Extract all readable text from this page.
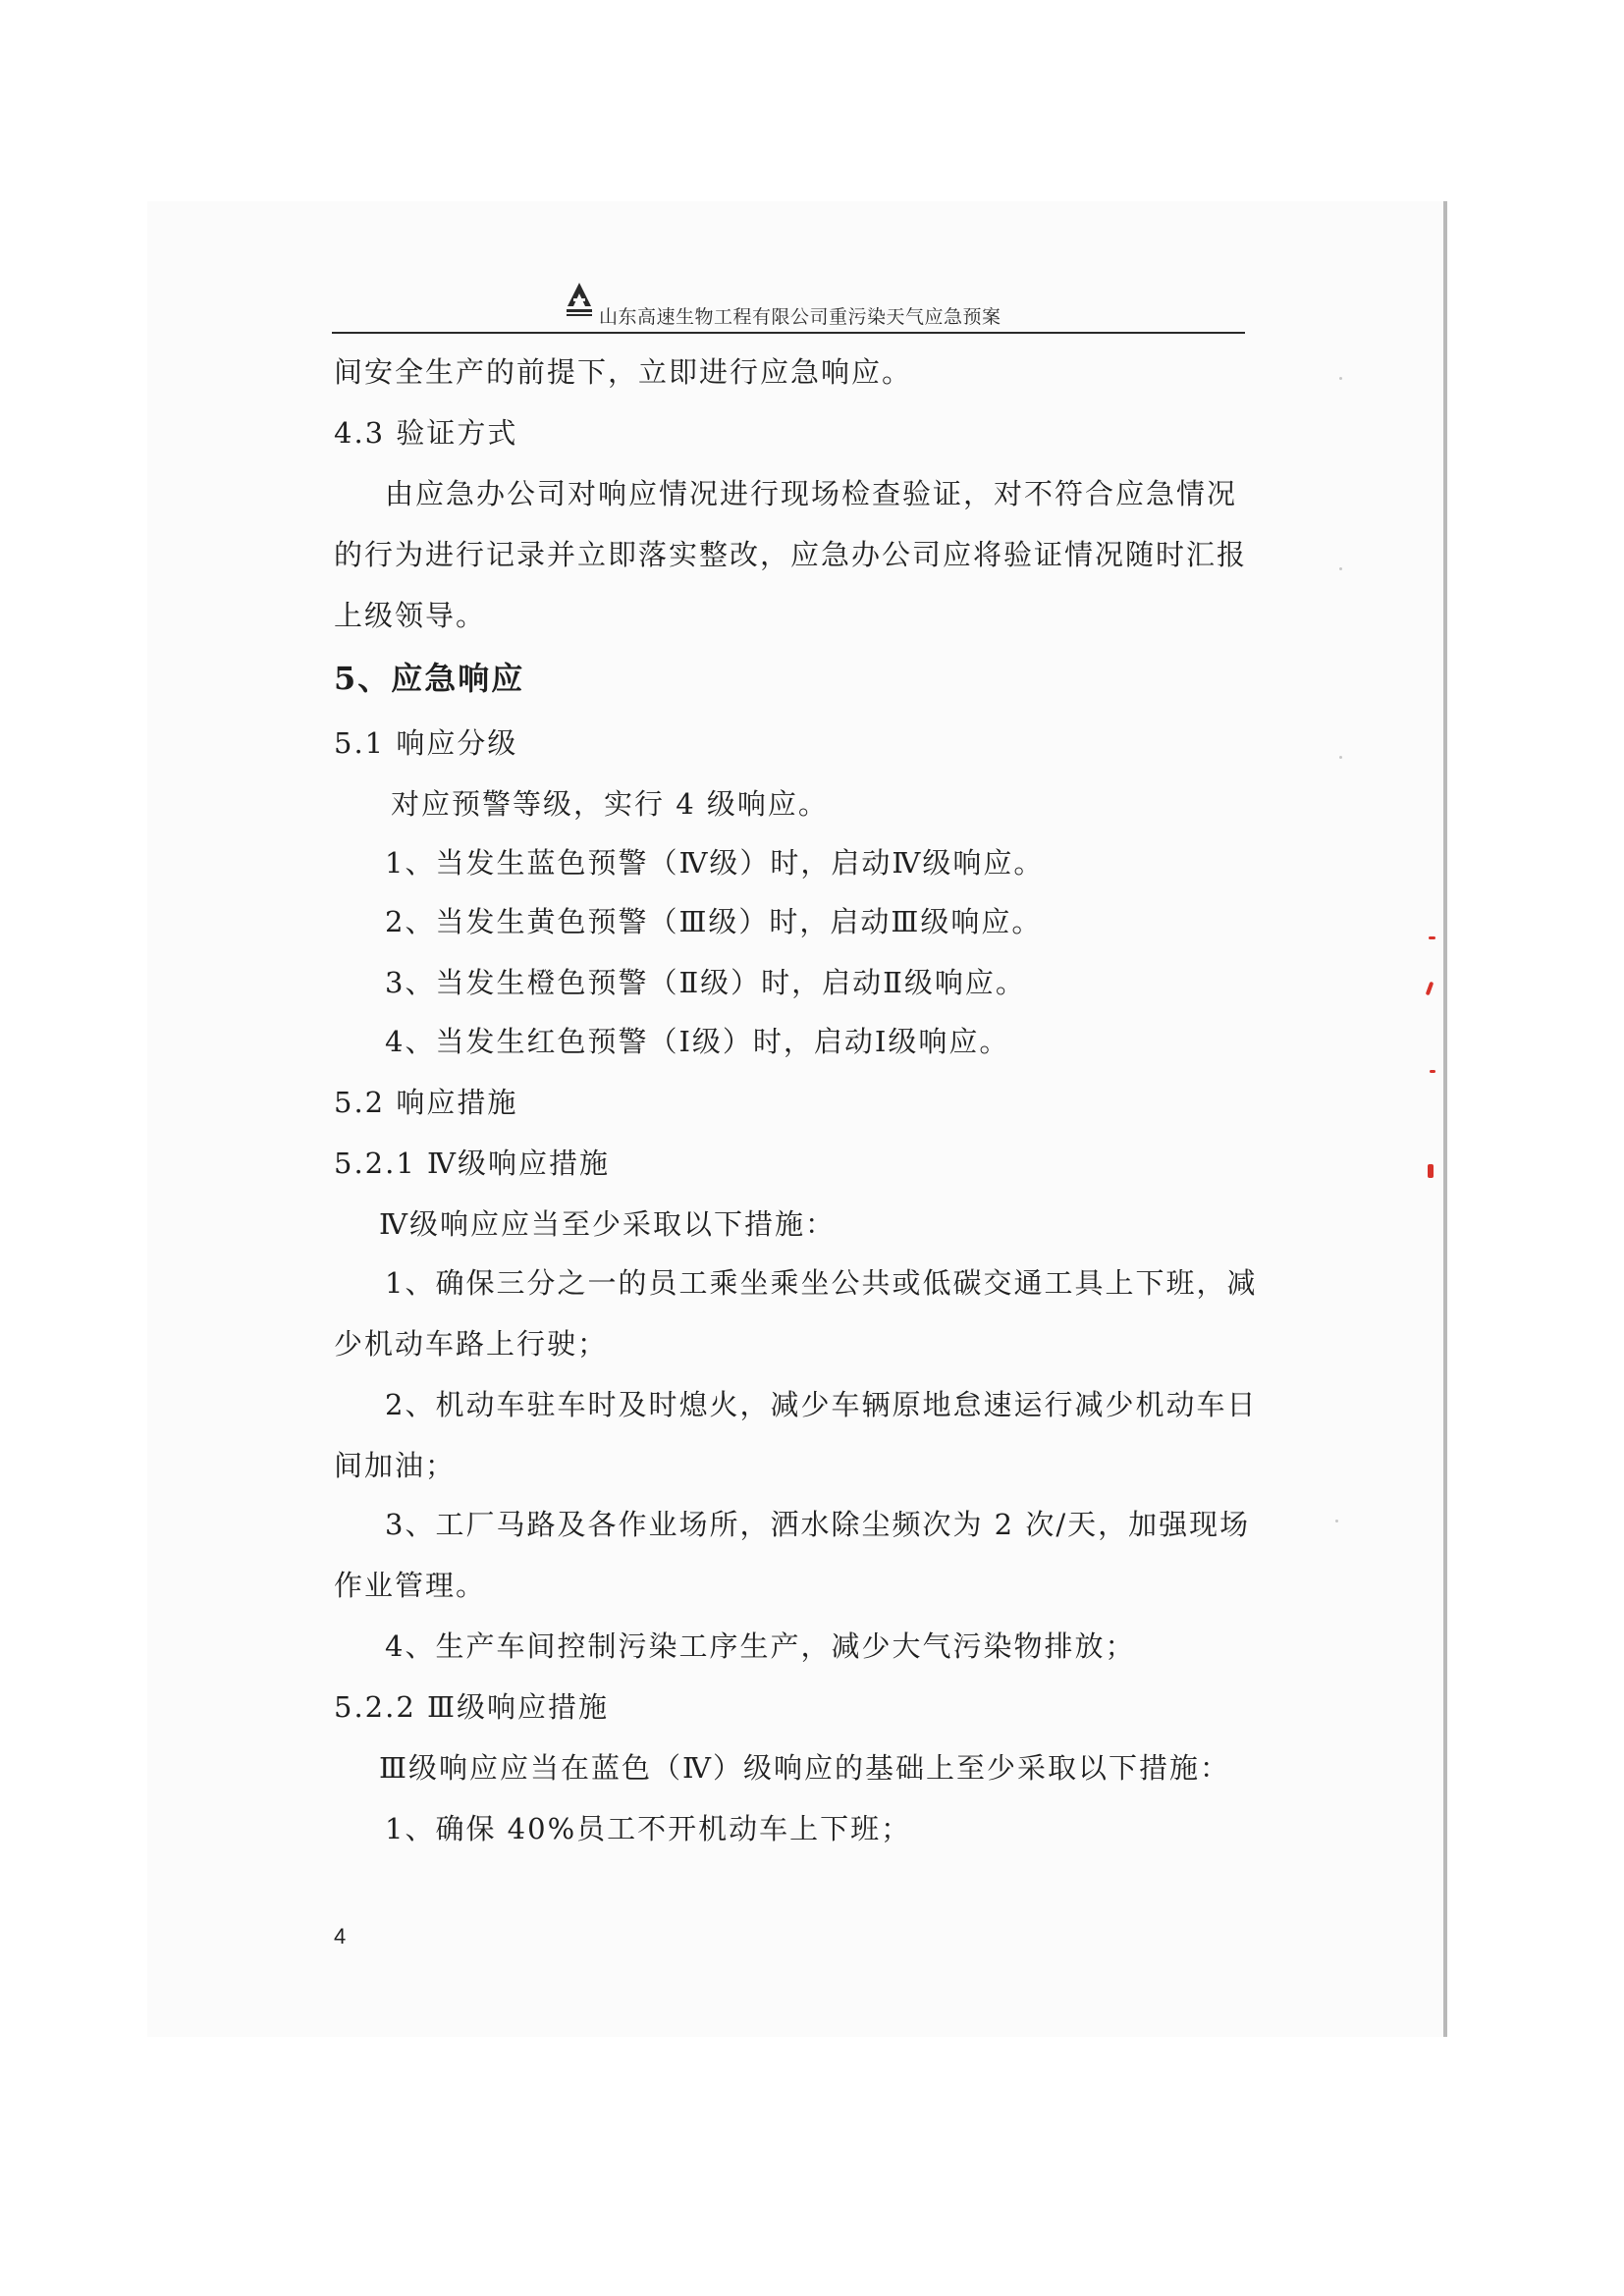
山东高速生物工程有限公司重污染天气应急预案
间安全生产的前提下，立即进行应急响应。
4.3 验证方式
由应急办公司对响应情况进行现场检查验证，对不符合应急情况
的行为进行记录并立即落实整改，应急办公司应将验证情况随时汇报
上级领导。
5、应急响应
5.1 响应分级
对应预警等级，实行 4 级响应。
1、当发生蓝色预警（Ⅳ级）时，启动Ⅳ级响应。
2、当发生黄色预警（Ⅲ级）时，启动Ⅲ级响应。
3、当发生橙色预警（Ⅱ级）时，启动Ⅱ级响应。
4、当发生红色预警（Ⅰ级）时，启动Ⅰ级响应。
5.2 响应措施
5.2.1 Ⅳ级响应措施
Ⅳ级响应应当至少采取以下措施：
1、确保三分之一的员工乘坐乘坐公共或低碳交通工具上下班，减
少机动车路上行驶；
2、机动车驻车时及时熄火，减少车辆原地怠速运行减少机动车日
间加油；
3、工厂马路及各作业场所，洒水除尘频次为 2 次/天，加强现场
作业管理。
4、生产车间控制污染工序生产，减少大气污染物排放；
5.2.2 Ⅲ级响应措施
Ⅲ级响应应当在蓝色（Ⅳ）级响应的基础上至少采取以下措施：
1、确保 40%员工不开机动车上下班；
4
